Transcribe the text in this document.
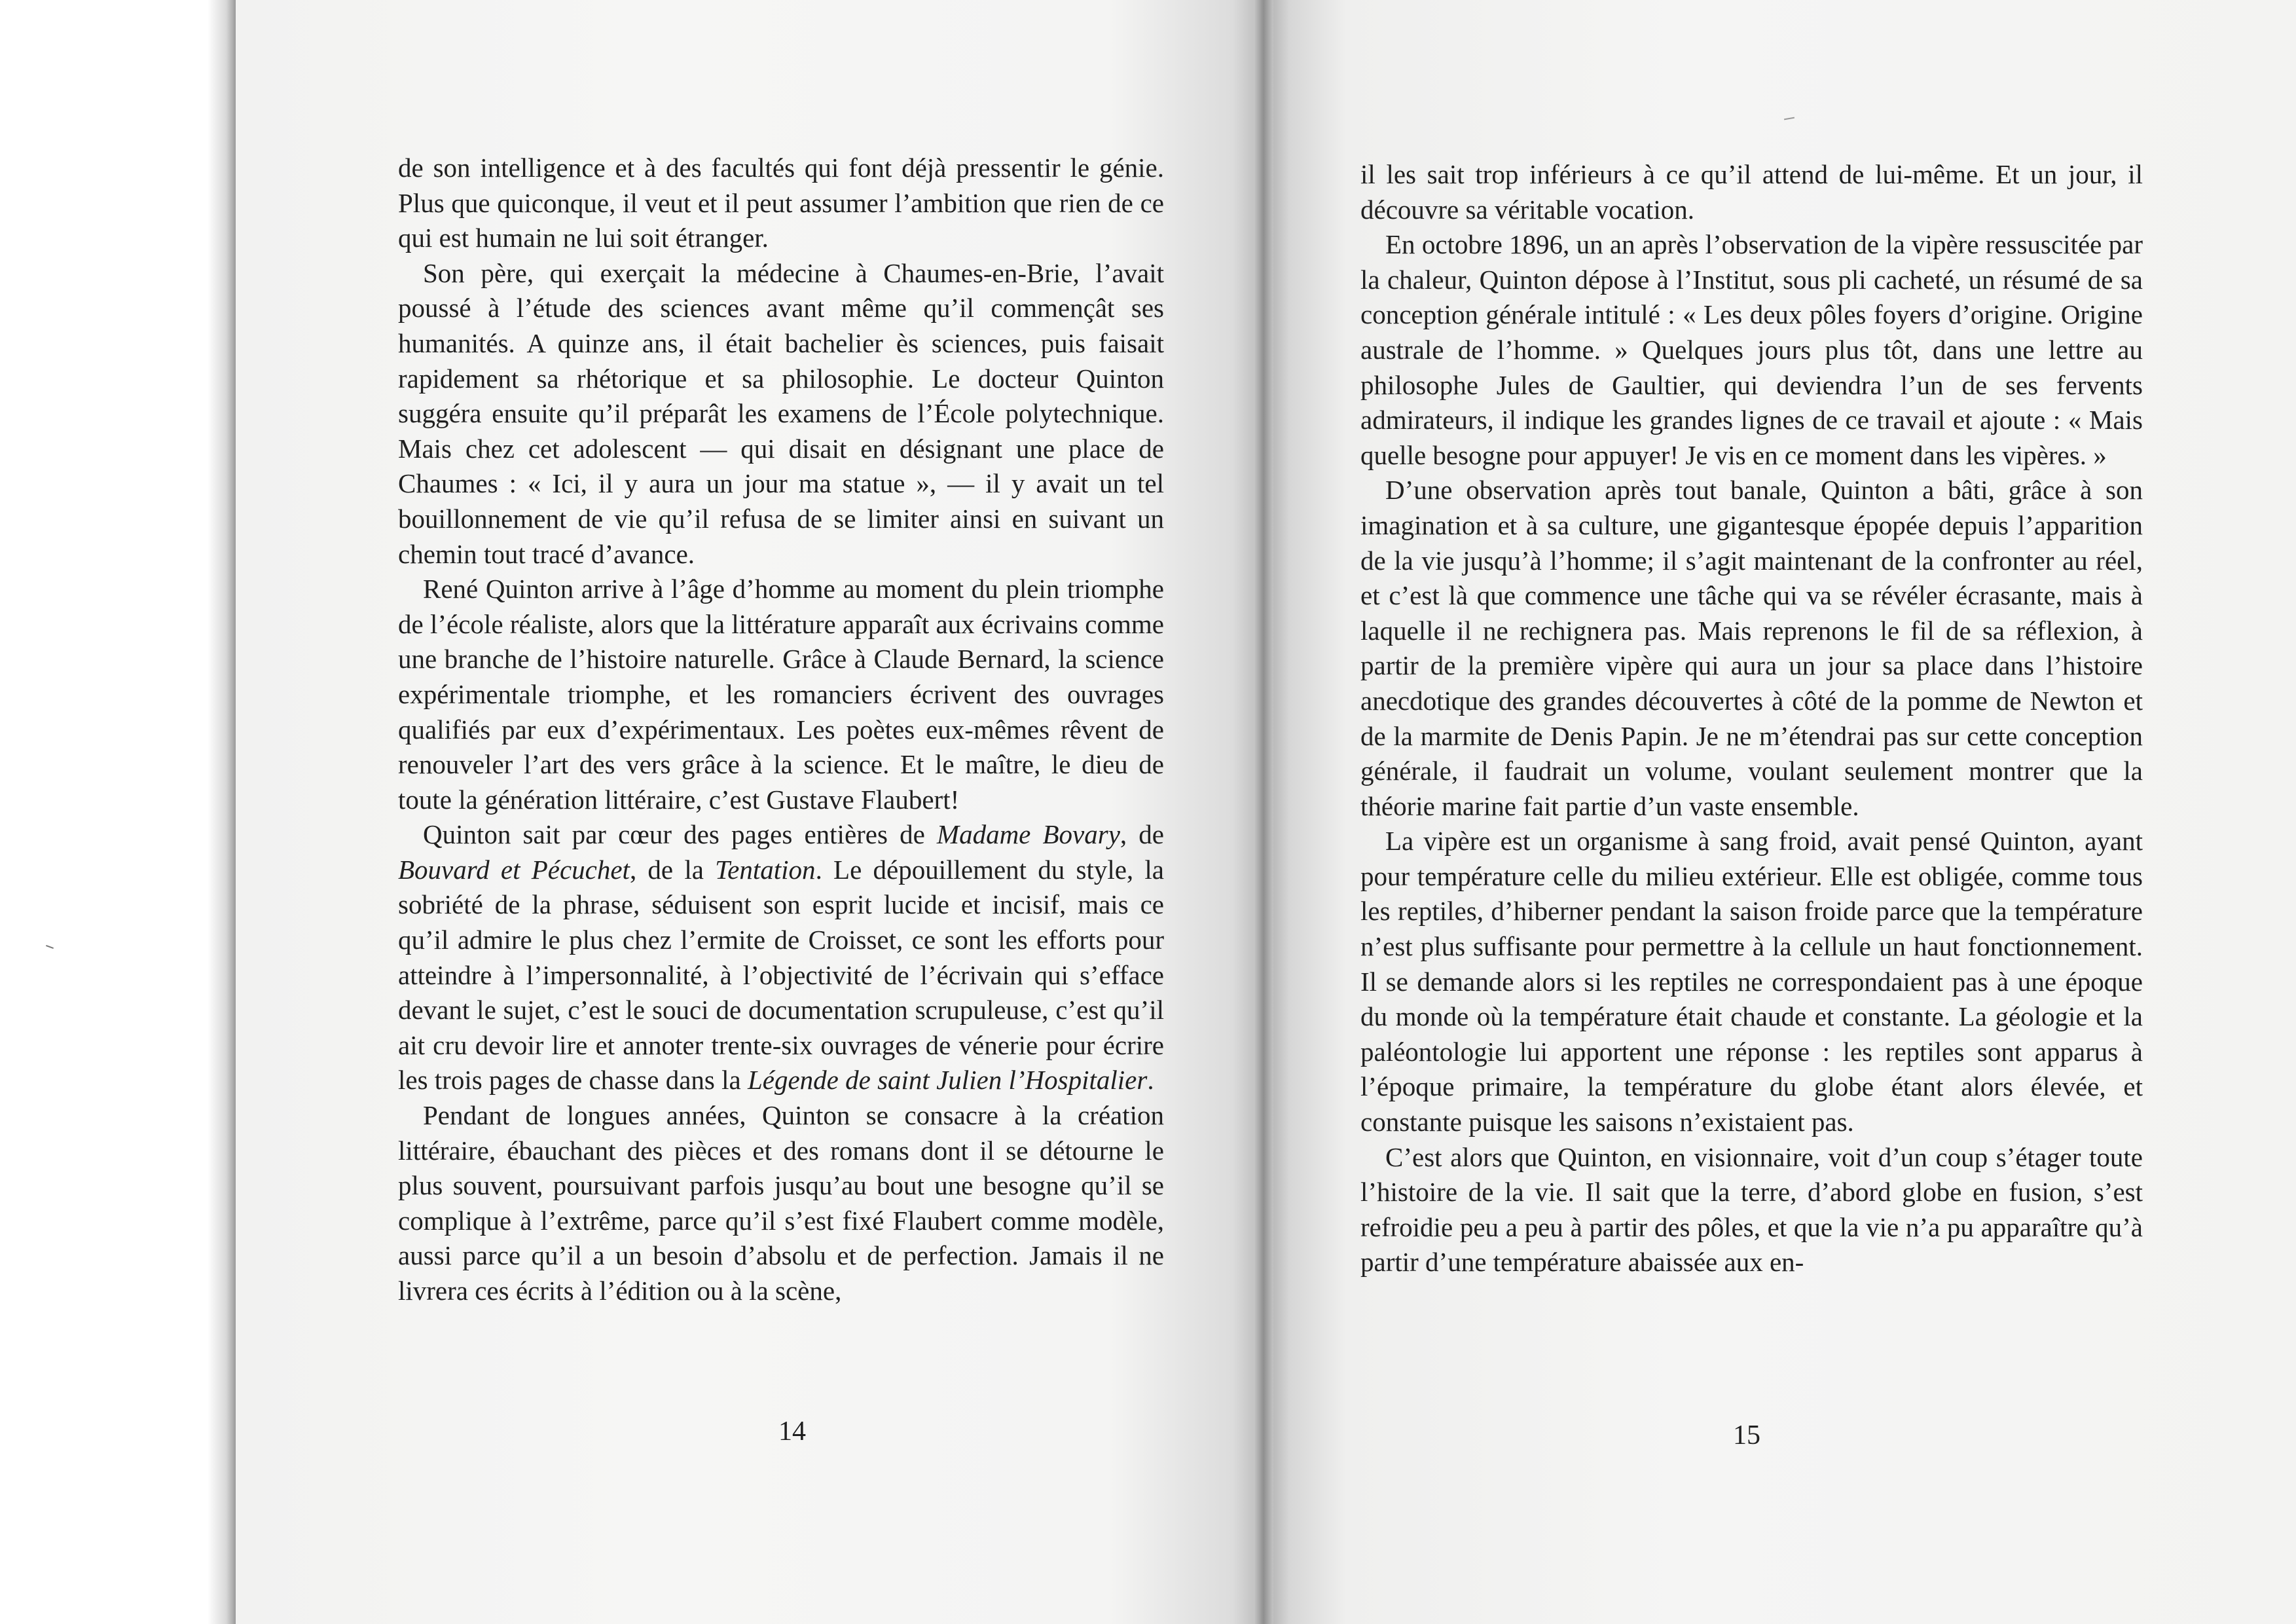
de son intelligence et à des facultés qui font déjà pressentir le génie. Plus que quiconque, il veut et il peut assumer l’ambition que rien de ce qui est humain ne lui soit étranger.

Son père, qui exerçait la médecine à Chaumes-en-Brie, l’avait poussé à l’étude des sciences avant même qu’il commençât ses humanités. A quinze ans, il était bachelier ès sciences, puis faisait rapidement sa rhétorique et sa philosophie. Le docteur Quinton suggéra ensuite qu’il préparât les examens de l’École polytechnique. Mais chez cet adolescent — qui disait en désignant une place de Chaumes : « Ici, il y aura un jour ma statue », — il y avait un tel bouillonnement de vie qu’il refusa de se limiter ainsi en suivant un chemin tout tracé d’avance.

René Quinton arrive à l’âge d’homme au moment du plein triomphe de l’école réaliste, alors que la littérature apparaît aux écrivains comme une branche de l’histoire naturelle. Grâce à Claude Bernard, la science expérimentale triomphe, et les romanciers écrivent des ouvrages qualifiés par eux d’expérimentaux. Les poètes eux-mêmes rêvent de renouveler l’art des vers grâce à la science. Et le maître, le dieu de toute la génération littéraire, c’est Gustave Flaubert!

Quinton sait par cœur des pages entières de Madame Bovary, de Bouvard et Pécuchet, de la Tentation. Le dépouillement du style, la sobriété de la phrase, séduisent son esprit lucide et incisif, mais ce qu’il admire le plus chez l’ermite de Croisset, ce sont les efforts pour atteindre à l’impersonnalité, à l’objectivité de l’écrivain qui s’efface devant le sujet, c’est le souci de documentation scrupuleuse, c’est qu’il ait cru devoir lire et annoter trente-six ouvrages de vénerie pour écrire les trois pages de chasse dans la Légende de saint Julien l’Hospitalier.

Pendant de longues années, Quinton se consacre à la création littéraire, ébauchant des pièces et des romans dont il se détourne le plus souvent, poursuivant parfois jusqu’au bout une besogne qu’il se complique à l’extrême, parce qu’il s’est fixé Flaubert comme modèle, aussi parce qu’il a un besoin d’absolu et de perfection. Jamais il ne livrera ces écrits à l’édition ou à la scène,

14

il les sait trop inférieurs à ce qu’il attend de lui-même. Et un jour, il découvre sa véritable vocation.

En octobre 1896, un an après l’observation de la vipère ressuscitée par la chaleur, Quinton dépose à l’Institut, sous pli cacheté, un résumé de sa conception générale intitulé : « Les deux pôles foyers d’origine. Origine australe de l’homme. » Quelques jours plus tôt, dans une lettre au philosophe Jules de Gaultier, qui deviendra l’un de ses fervents admirateurs, il indique les grandes lignes de ce travail et ajoute : « Mais quelle besogne pour appuyer! Je vis en ce moment dans les vipères. »

D’une observation après tout banale, Quinton a bâti, grâce à son imagination et à sa culture, une gigantesque épopée depuis l’apparition de la vie jusqu’à l’homme; il s’agit maintenant de la confronter au réel, et c’est là que commence une tâche qui va se révéler écrasante, mais à laquelle il ne rechignera pas. Mais reprenons le fil de sa réflexion, à partir de la première vipère qui aura un jour sa place dans l’histoire anecdotique des grandes découvertes à côté de la pomme de Newton et de la marmite de Denis Papin. Je ne m’étendrai pas sur cette conception générale, il faudrait un volume, voulant seulement montrer que la théorie marine fait partie d’un vaste ensemble.

La vipère est un organisme à sang froid, avait pensé Quinton, ayant pour température celle du milieu extérieur. Elle est obligée, comme tous les reptiles, d’hiberner pendant la saison froide parce que la température n’est plus suffisante pour permettre à la cellule un haut fonctionnement. Il se demande alors si les reptiles ne correspondaient pas à une époque du monde où la température était chaude et constante. La géologie et la paléontologie lui apportent une réponse : les reptiles sont apparus à l’époque primaire, la température du globe étant alors élevée, et constante puisque les saisons n’existaient pas.

C’est alors que Quinton, en visionnaire, voit d’un coup s’étager toute l’histoire de la vie. Il sait que la terre, d’abord globe en fusion, s’est refroidie peu a peu à partir des pôles, et que la vie n’a pu apparaître qu’à partir d’une température abaissée aux en-

15
